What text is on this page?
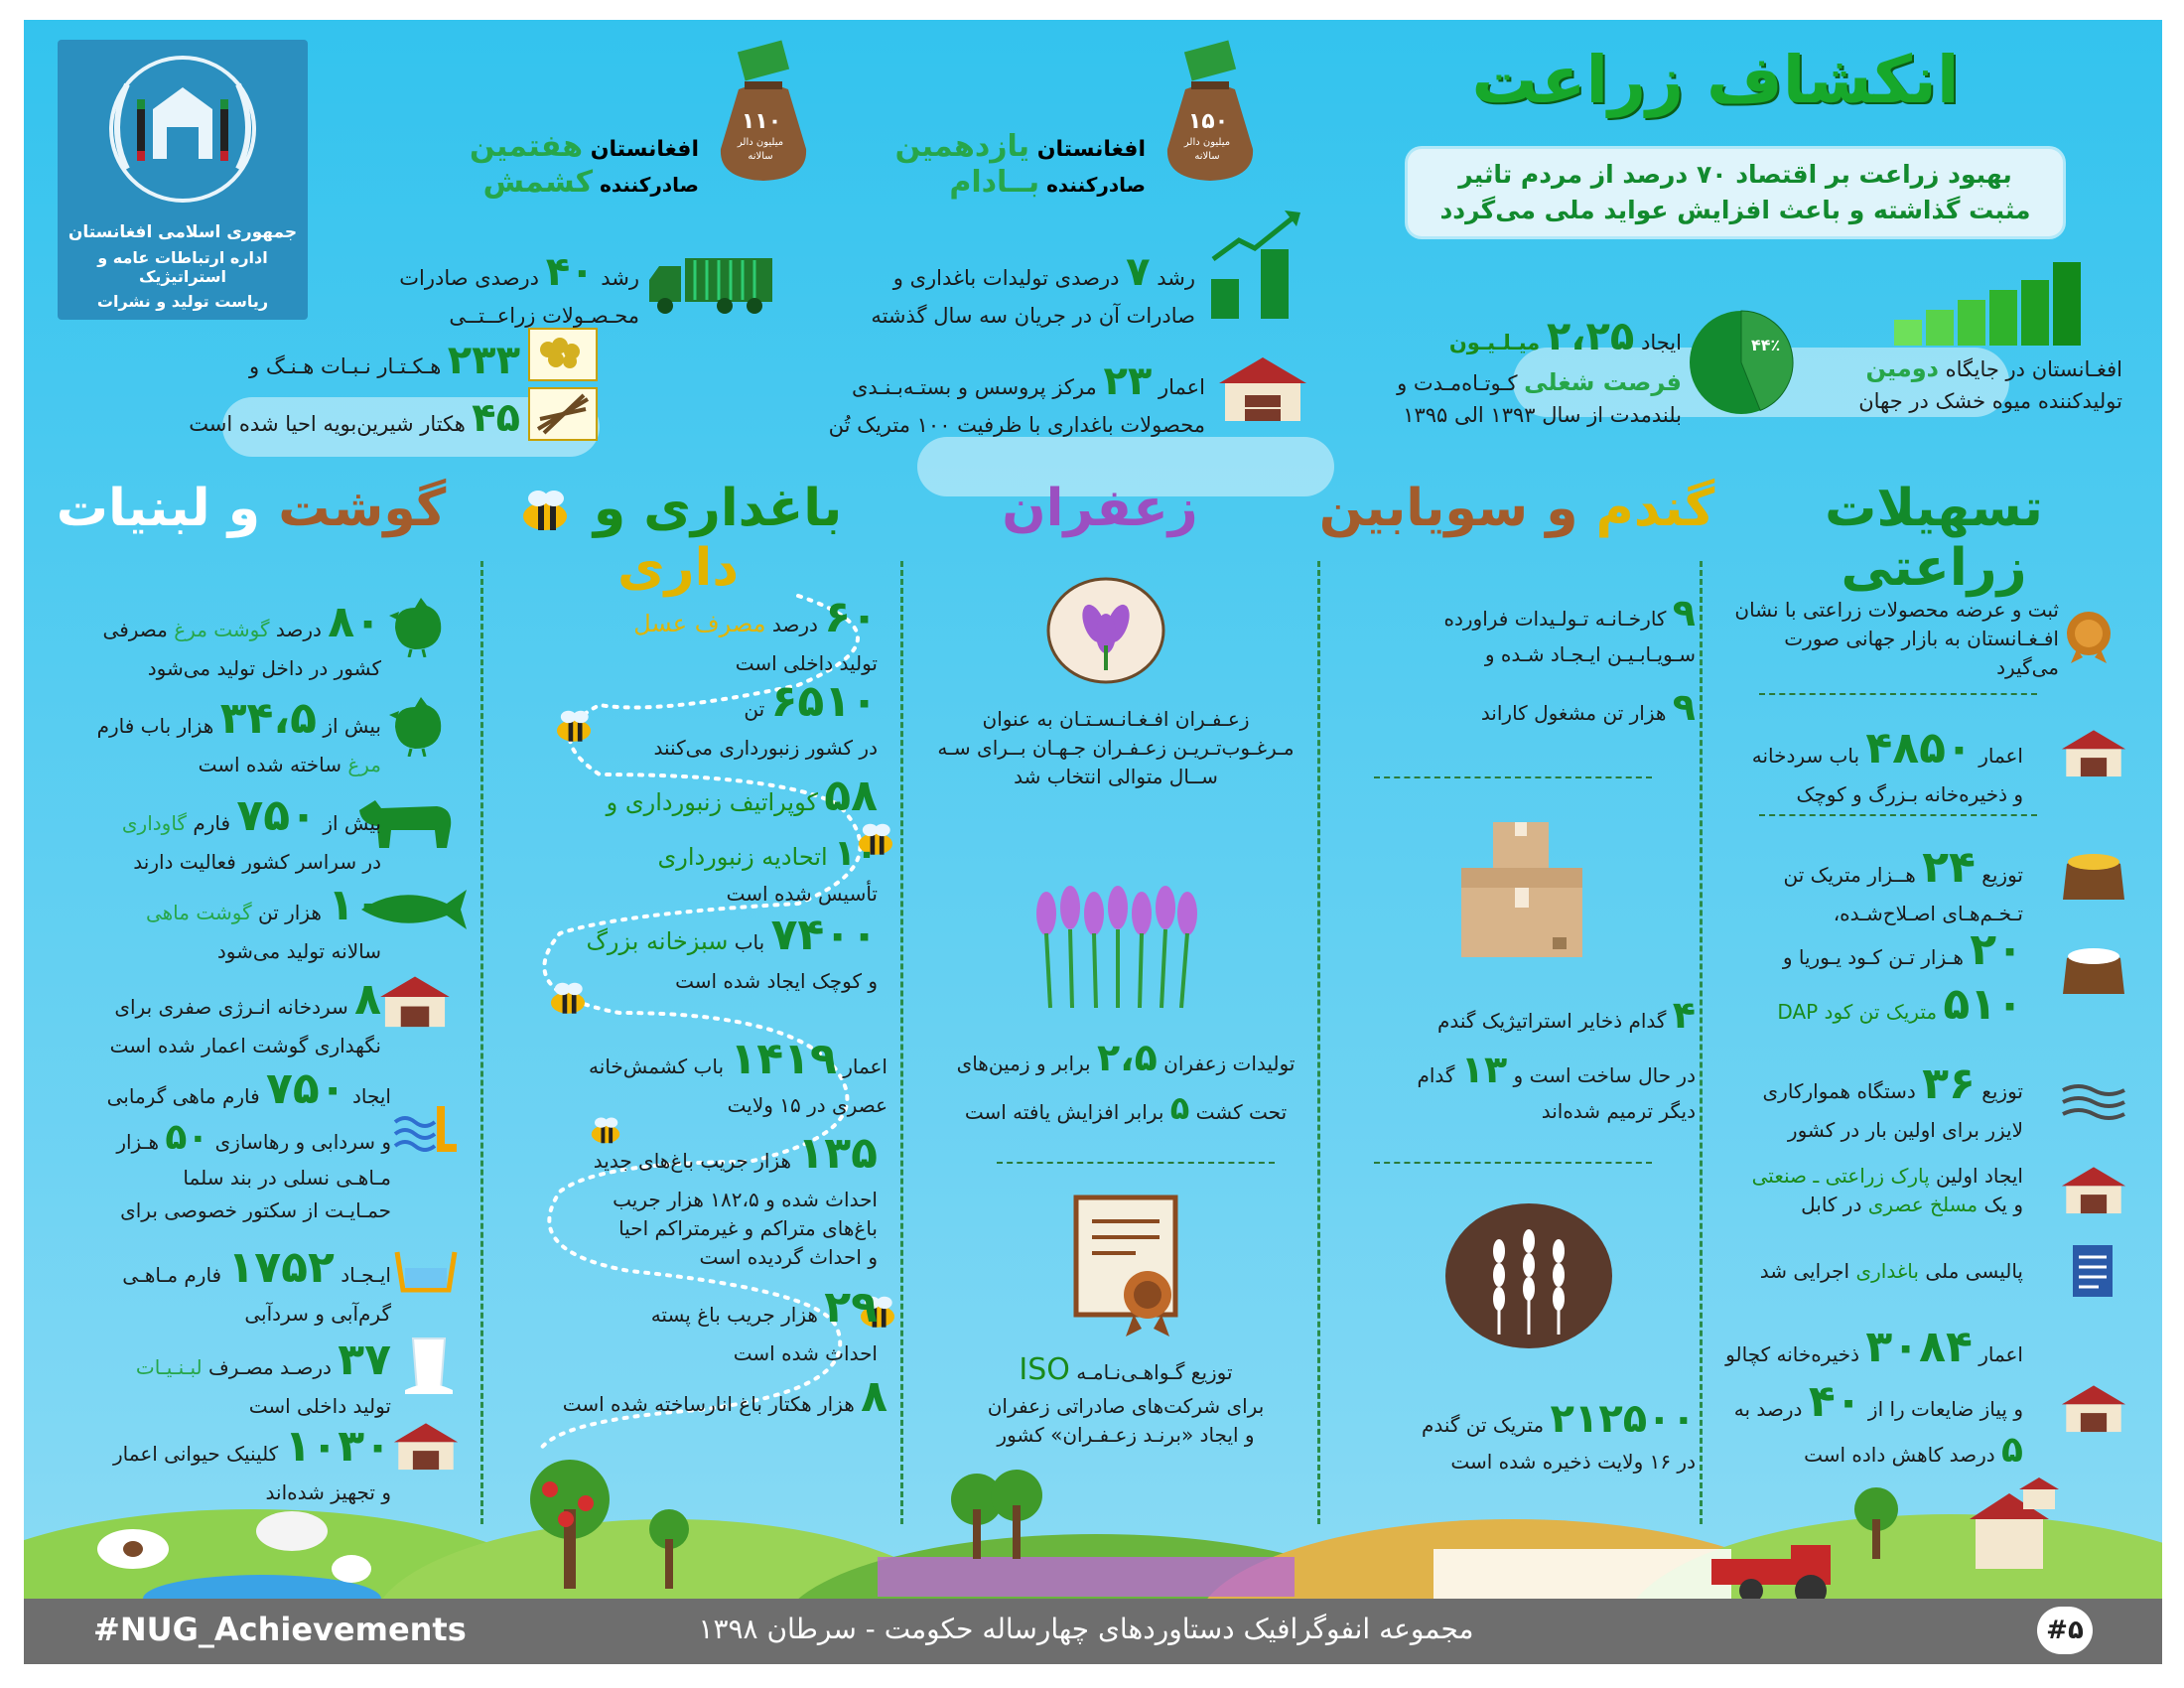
انکشاف زراعت
بهبود زراعت بر اقتصاد ۷۰ درصد از مردم تاثیر مثبت گذاشته و باعث افزایش عواید ملی می‌گردد
جمهوری اسلامی افغانستان
اداره ارتباطات عامه و استراتیژیک
ریاست تولید و نشرات
۱۵۰
میلیون دالر
سالانه
افغانستان یازدهمین
صادرکننده بــادام
۱۱۰
میلیون دالر
سالانه
افغانستان هفتمین
صادرکننده کشمش
رشد ۴۰ درصدی صادرات
محـصـولات زراعــتــی
رشد ۷ درصدی تولیدات باغداری و
صادرات آن در جریان سه سال گذشته
۲۳۳ هـکـتـار نـبـات هـنـگ و
۴۵ هکتار شیرین‌بویه احیا شده است
اعمار ۲۳ مرکز پروسس و بستـه‌بـنـدی
محصولات باغداری با ظرفیت ۱۰۰ متریک تُن
۴۴٪
ایجاد ۲،۲۵ میـلـیـون
فرصت شغلی کـوتـاه‌مـدت و
بلندمدت از سال ۱۳۹۳ الی ۱۳۹۵
افغـانستان در جایگاه دومین
تولیدکننده میوه خشک در جهان
تسهیلات زراعتی
گندم و سویابین
زعفران
باغداری و  داری
گوشت و لبنیات
ثبت و عرضه محصولات زراعتی با نشان افـغـانستان به بازار جهانی صورت می‌گیرد
اعمار ۴۸۵۰ باب سردخانه
و ذخیره‌خانه بـزرگ و کوچک
توزیع ۲۴ هــزار متریک تن
تـخـم‌هـای اصـلاح‌شـده،
۲۰ هـزار تـن کـود یـوریا و
۵۱۰ متریک تن کود DAP
توزیع ۳۶ دستگاه همواركاری
لایزر برای اولین بار در کشور
ایجاد اولین پارک زراعتی ـ صنعتی
و یک مسلخ عصری در کابل
پالیسی ملی باغداری اجرایی شد
اعمار ۳۰۸۴ ذخیره‌خانه کچالو
و پیاز ضایعات را از ۴۰ درصد به
۵ درصد کاهش داده است
۹ کارخـانـه تـولـیدات فراورده
سـویـابـیـن ایـجـاد شـده و
۹ هزار تن مشغول کاراند
۴ گدام ذخایر استراتیژیک گندم
در حال ساخت است و ۱۳ گدام
دیگر ترمیم شده‌اند
۲۱۲۵۰۰ متریک تن گندم
در ۱۶ ولایت ذخیره شده است
زعـفـران افـغـانـسـتـان به عنوان مـرغـوب‌تـریـن زعـفـران جـهـان بــرای سـه ســال متوالی انتخاب شد
تولیدات زعفران ۲،۵ برابر و زمین‌های
تحت کشت ۵ برابر افزایش یافته است
توزیع گـواهـی‌نـامـه ISO
برای شرکت‌های صادراتی زعفران
و ایجاد «برنـد زعـفـران» کشور
۶۰ درصد مصرف عسل
تولید داخلی است
۶۵۱۰ تن
در کشور زنبورداری می‌کنند
۵۸ کوپراتیف زنبورداری و
۱۰ اتحادیه زنبورداری
تأسیس شده است
۷۴۰۰ باب سبزخانه بزرگ
و کوچک ایجاد شده است
اعمار ۱۴۱۹ باب کشمش‌خانه
عصری در ۱۵ ولایت
۱۳۵ هزار جریب باغ‌های جدید
احداث شده و ۱۸۲،۵ هزار جریب
باغ‌های متراکم و غیرمتراکم احیا
و احداث گردیده است
۲۹ هزار جریب باغ پسته
احداث شده است
۸ هزار هکتار باغ انارساخته شده است
۸۰ درصد گوشت مرغ مصرفی
کشور در داخل تولید می‌شود
بیش از ۳۴،۵ هزار باب فارم
مرغ ساخته شده است
بیش از ۷۵۰ فارم گاوداری
در سراسر کشور فعالیت دارند
۱۰ هزار تن گوشت ماهی
سالانه تولید می‌شود
۸ سردخانه انـرژی صفری برای
نگهداری گوشت اعمار شده است
ایجاد ۷۵۰ فارم ماهی گرمابی
و سردابی و رهاسازی ۵۰ هـزار
مـاهـی نسلی در بند سلما
حمـایـت از سکتور خصوصی برای
ایـجـاد ۱۷۵۲ فارم مـاهـی
گرم‌آبی و سردآبی
۳۷ درصـد مصـرف لبـنـیـات
تولید داخلی است
۱۰۳۰ کلینیک حیوانی اعمار
و تجهیز شده‌اند
#NUG_Achievements	مجموعه انفوگرافیک دستاوردهای چهارساله حکومت - سرطان ۱۳۹۸	#۵
